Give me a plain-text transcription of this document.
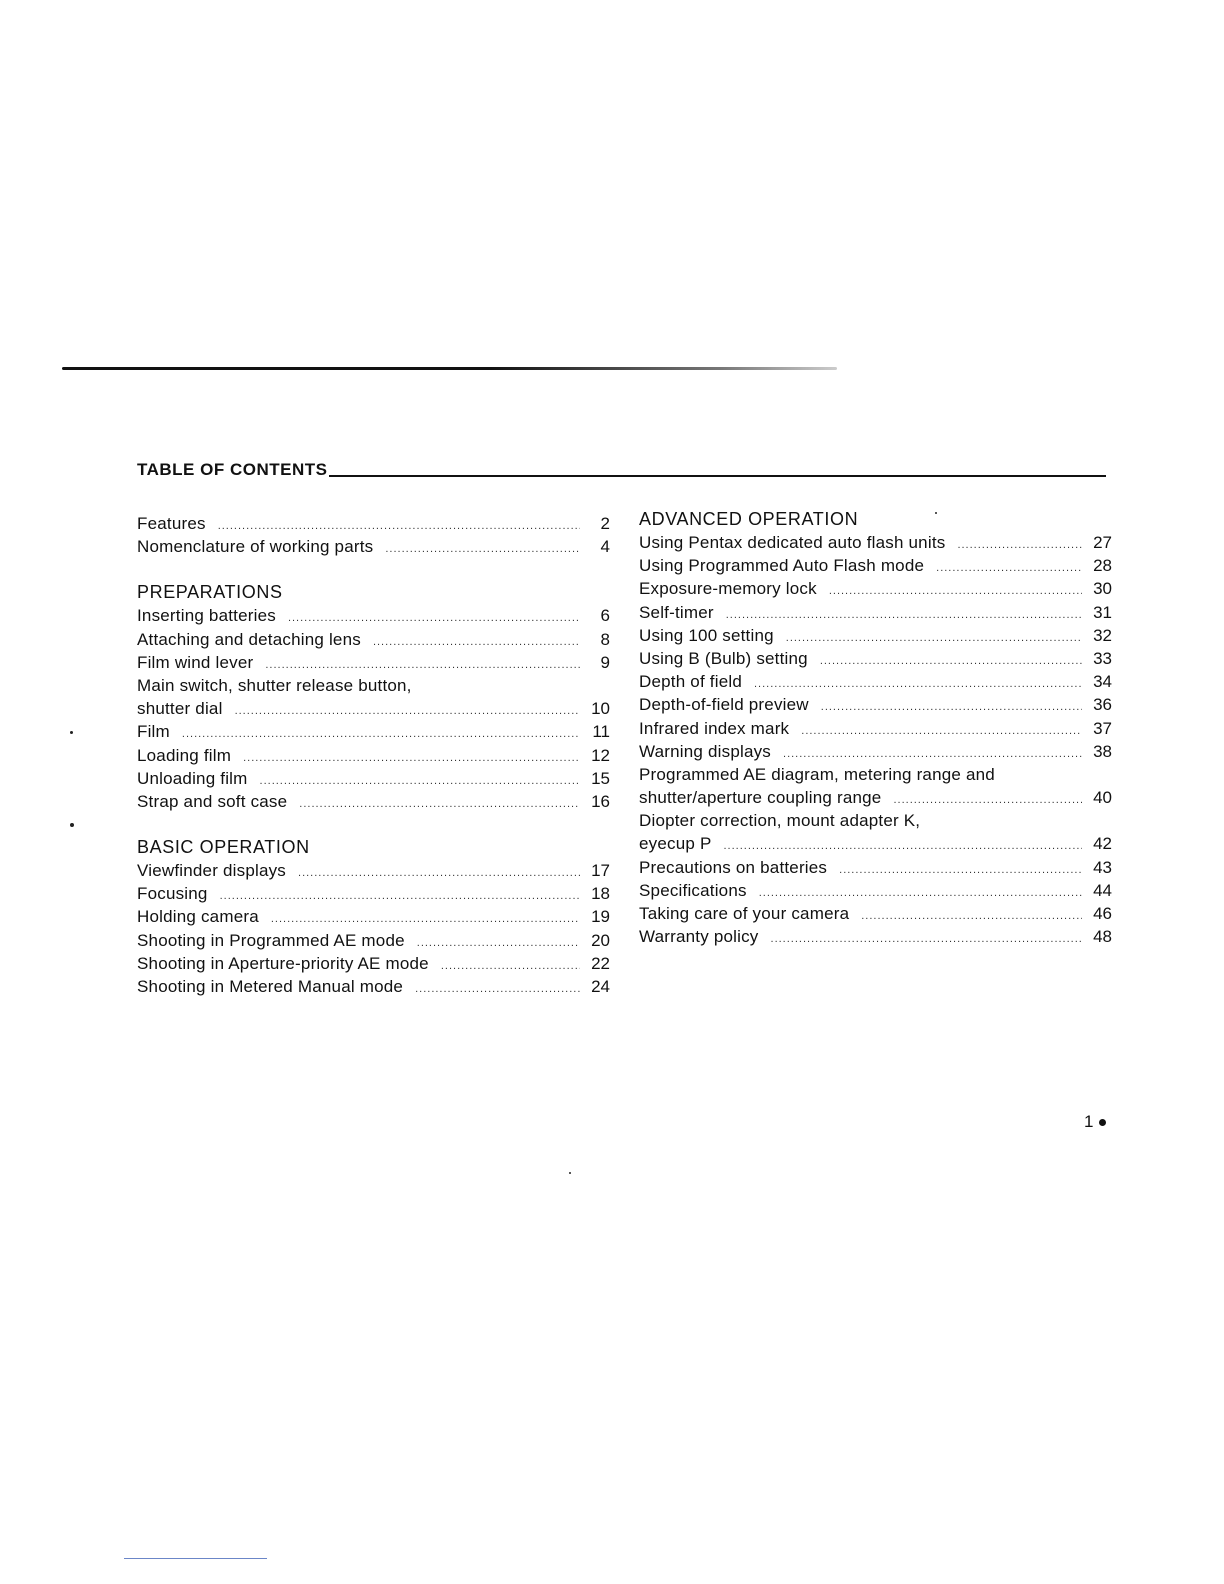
TABLE OF CONTENTS
Features .....	2
Nomenclature of working parts .....	4
PREPARATIONS
Inserting batteries .....	6
Attaching and detaching lens .....	8
Film wind lever .....	9
Main switch, shutter release button,
shutter dial .....	10
Film .....	11
Loading film .....	12
Unloading film .....	15
Strap and soft case .....	16
BASIC OPERATION
Viewfinder displays .....	17
Focusing .....	18
Holding camera .....	19
Shooting in Programmed AE mode .....	20
Shooting in Aperture-priority AE mode .....	22
Shooting in Metered Manual mode .....	24
ADVANCED OPERATION
Using Pentax dedicated auto flash units .....	27
Using Programmed Auto Flash mode .....	28
Exposure-memory lock .....	30
Self-timer .....	31
Using 100 setting .....	32
Using B (Bulb) setting .....	33
Depth of field .....	34
Depth-of-field preview .....	36
Infrared index mark .....	37
Warning displays .....	38
Programmed AE diagram, metering range and
shutter/aperture coupling range .....	40
Diopter correction, mount adapter K,
eyecup P .....	42
Precautions on batteries .....	43
Specifications .....	44
Taking care of your camera .....	46
Warranty policy .....	48
1
